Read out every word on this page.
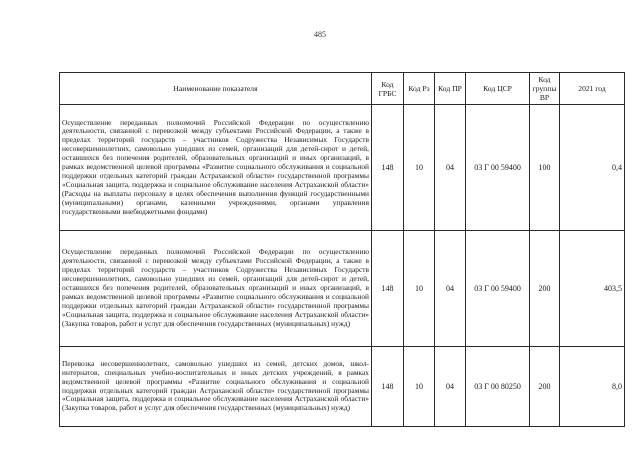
485
Наименование показателя	Код ГРБС	Код Рз	Код ПР	Код ЦСР	Код группы ВР	2021 год
Осуществление переданных полномочий Российской Федерации по осуществлению деятельности, связанной с перевозкой между субъектами Российской Федерации, а также в пределах территорий государств – участников Содружества Независимых Государств несовершеннолетних, самовольно ушедших из семей, организаций для детей-сирот и детей, оставшихся без попечения родителей, образовательных организаций и иных организаций, в рамках ведомственной целевой программы «Развитие социального обслуживания и социальной поддержки отдельных категорий граждан Астраханской области» государственной программы «Социальная защита, поддержка и социальное обслуживание населения Астраханской области» (Расходы на выплаты персоналу в целях обеспечения выполнения функций государственными (муниципальными) органами, казенными учреждениями, органами управления государственными внебюджетными фондами)	148	10	04	03 Г 00 59400	100	0,4
Осуществление переданных полномочий Российской Федерации по осуществлению деятельности, связанной с перевозкой между субъектами Российской Федерации, а также в пределах территорий государств – участников Содружества Независимых Государств несовершеннолетних, самовольно ушедших из семей, организаций для детей-сирот и детей, оставшихся без попечения родителей, образовательных организаций и иных организаций, в рамках ведомственной целевой программы «Развитие социального обслуживания и социальной поддержки отдельных категорий граждан Астраханской области» государственной программы «Социальная защита, поддержка и социальное обслуживание населения Астраханской области» (Закупка товаров, работ и услуг для обеспечения государственных (муниципальных) нужд)	148	10	04	03 Г 00 59400	200	403,5
Перевозка несовершеннолетних, самовольно ушедших из семей, детских домов, школ-интернатов, специальных учебно-воспитательных и иных детских учреждений, в рамках ведомственной целевой программы «Развитие социального обслуживания и социальной поддержки отдельных категорий граждан Астраханской области» государственной программы «Социальная защита, поддержка и социальное обслуживание населения Астраханской области» (Закупка товаров, работ и услуг для обеспечения государственных (муниципальных) нужд)	148	10	04	03 Г 00 80250	200	8,0
